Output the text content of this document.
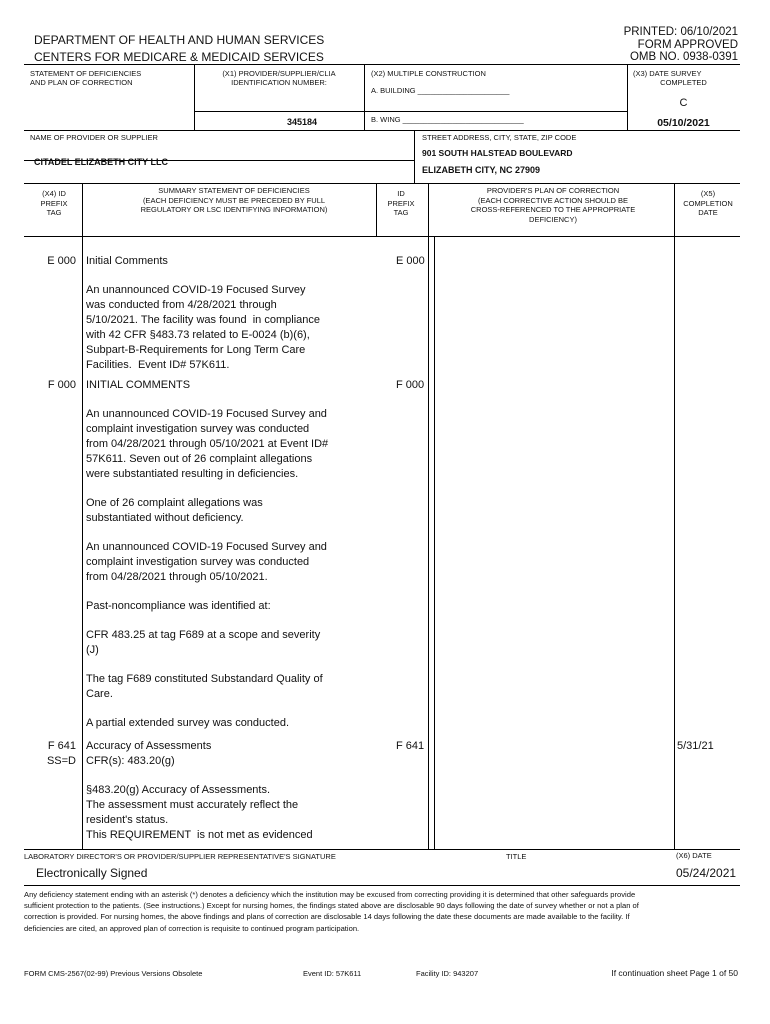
DEPARTMENT OF HEALTH AND HUMAN SERVICES
CENTERS FOR MEDICARE & MEDICAID SERVICES
PRINTED: 06/10/2021
FORM APPROVED
OMB NO. 0938-0391
STATEMENT OF DEFICIENCIES
AND PLAN OF CORRECTION
(X1) PROVIDER/SUPPLIER/CLIA
IDENTIFICATION NUMBER:
345184
(X2) MULTIPLE CONSTRUCTION
A. BUILDING ______________________
B. WING _____________________________
(X3) DATE SURVEY
COMPLETED
C
05/10/2021
NAME OF PROVIDER OR SUPPLIER
CITADEL ELIZABETH CITY LLC
STREET ADDRESS, CITY, STATE, ZIP CODE
901 SOUTH HALSTEAD BOULEVARD
ELIZABETH CITY, NC 27909
(X4) ID
PREFIX
TAG
SUMMARY STATEMENT OF DEFICIENCIES
(EACH DEFICIENCY MUST BE PRECEDED BY FULL
REGULATORY OR LSC IDENTIFYING INFORMATION)
ID
PREFIX
TAG
PROVIDER'S PLAN OF CORRECTION
(EACH CORRECTIVE ACTION SHOULD BE
CROSS-REFERENCED TO THE APPROPRIATE
DEFICIENCY)
(X5)
COMPLETION
DATE
E 000	E 000
Initial Comments
An unannounced COVID-19 Focused Survey
was conducted from 4/28/2021 through
5/10/2021. The facility was found  in compliance
with 42 CFR §483.73 related to E-0024 (b)(6),
Subpart-B-Requirements for Long Term Care
Facilities.  Event ID# 57K611.
F 000	F 000
INITIAL COMMENTS
An unannounced COVID-19 Focused Survey and
complaint investigation survey was conducted
from 04/28/2021 through 05/10/2021 at Event ID#
57K611. Seven out of 26 complaint allegations
were substantiated resulting in deficiencies.
One of 26 complaint allegations was
substantiated without deficiency.
An unannounced COVID-19 Focused Survey and
complaint investigation survey was conducted
from 04/28/2021 through 05/10/2021.
Past-noncompliance was identified at:
CFR 483.25 at tag F689 at a scope and severity
(J)
The tag F689 constituted Substandard Quality of
Care.
A partial extended survey was conducted.
F 641
SS=D
F 641	5/31/21
Accuracy of Assessments
CFR(s): 483.20(g)
§483.20(g) Accuracy of Assessments.
The assessment must accurately reflect the
resident's status.
This REQUIREMENT  is not met as evidenced
LABORATORY DIRECTOR'S OR PROVIDER/SUPPLIER REPRESENTATIVE'S SIGNATURE	TITLE	(X6) DATE
Electronically Signed	05/24/2021
Any deficiency statement ending with an asterisk (*) denotes a deficiency which the institution may be excused from correcting providing it is determined that other safeguards provide sufficient protection to the patients. (See instructions.) Except for nursing homes, the findings stated above are disclosable 90 days following the date of survey whether or not a plan of correction is provided. For nursing homes, the above findings and plans of correction are disclosable 14 days following the date these documents are made available to the facility. If deficiencies are cited, an approved plan of correction is requisite to continued program participation.
FORM CMS-2567(02-99) Previous Versions Obsolete	Event ID: 57K611	Facility ID: 943207	If continuation sheet Page 1 of 50
